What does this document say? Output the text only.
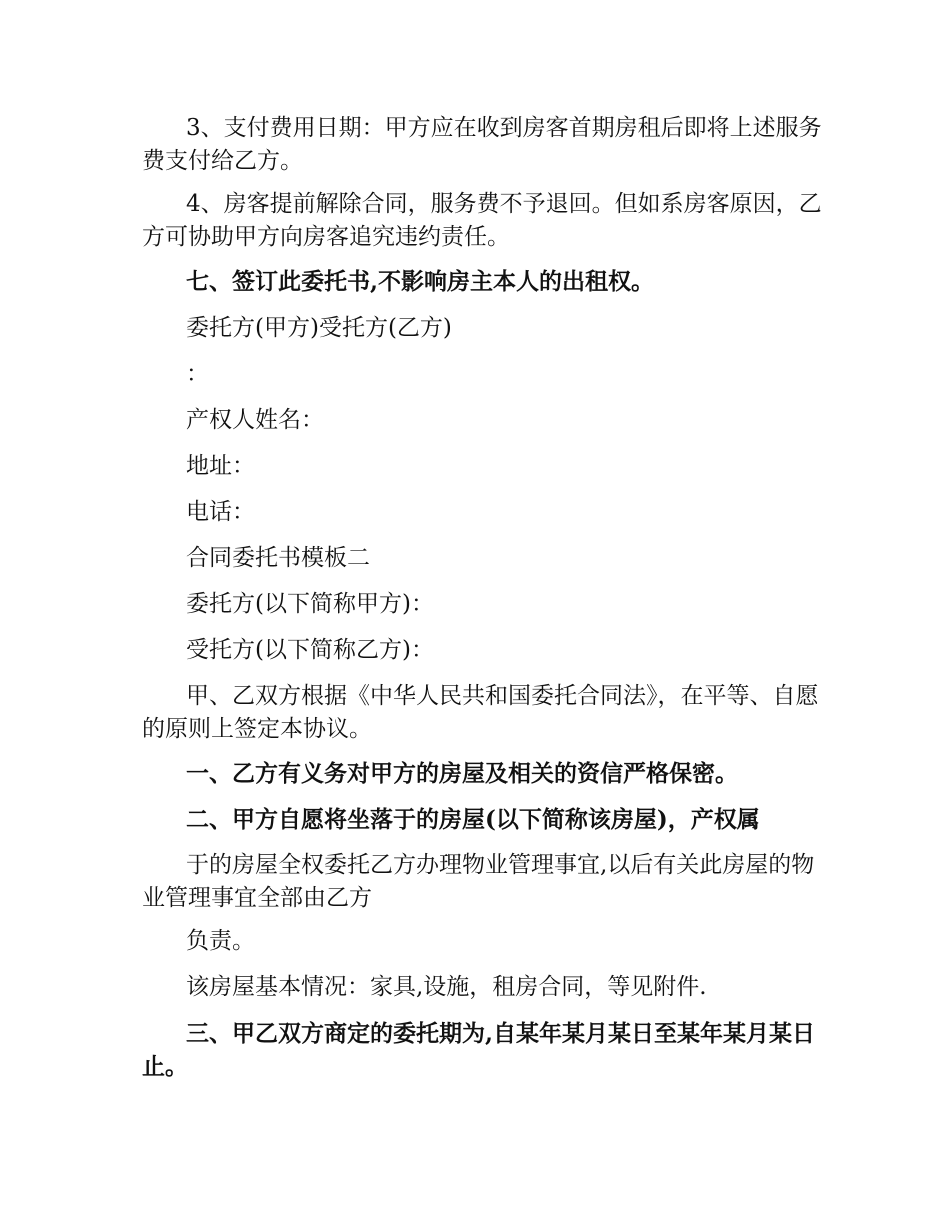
3、支付费用日期：甲方应在收到房客首期房租后即将上述服务费支付给乙方。

4、房客提前解除合同，服务费不予退回。但如系房客原因，乙方可协助甲方向房客追究违约责任。

七、签订此委托书,不影响房主本人的出租权。

委托方(甲方)受托方(乙方)

：

产权人姓名：

地址：

电话：

合同委托书模板二

委托方(以下简称甲方)：

受托方(以下简称乙方)：

甲、乙双方根据《中华人民共和国委托合同法》，在平等、自愿的原则上签定本协议。

一、乙方有义务对甲方的房屋及相关的资信严格保密。

二、甲方自愿将坐落于的房屋(以下简称该房屋)，产权属

于的房屋全权委托乙方办理物业管理事宜,以后有关此房屋的物业管理事宜全部由乙方

负责。

该房屋基本情况：家具,设施，租房合同，等见附件.

三、甲乙双方商定的委托期为,自某年某月某日至某年某月某日止。
